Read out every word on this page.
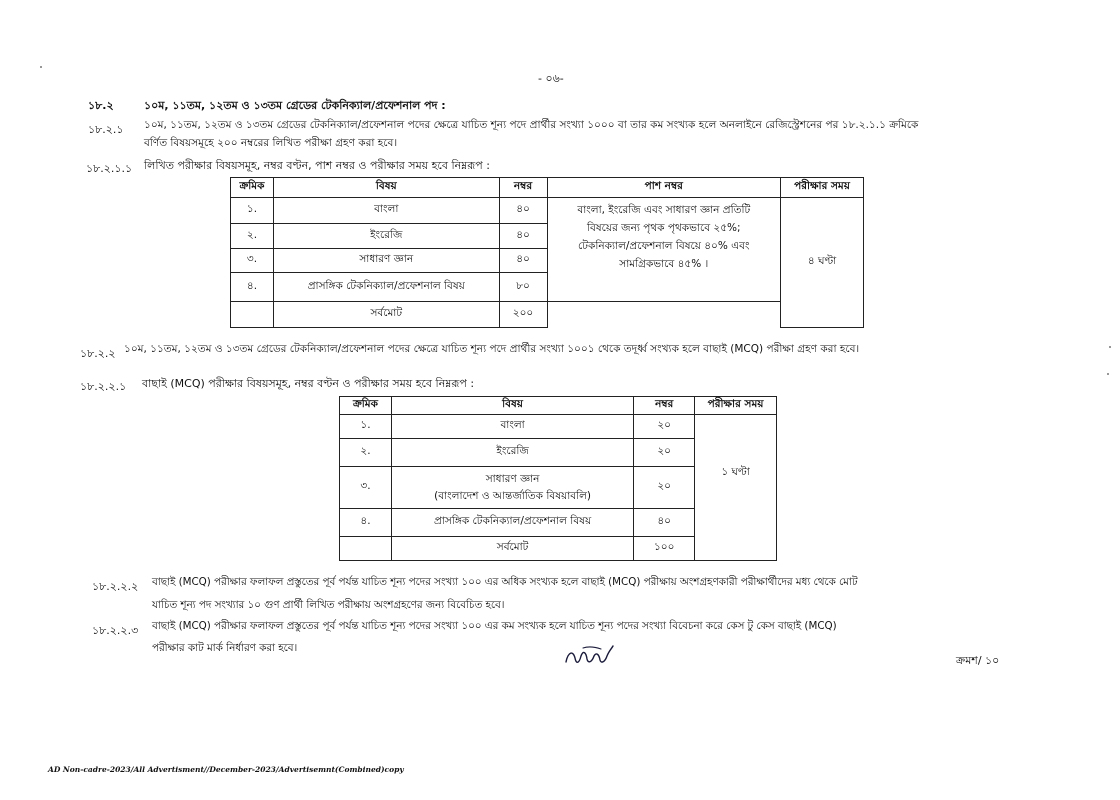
- ০৬-
১৮.২	১০ম, ১১তম, ১২তম ও ১৩তম গ্রেডের টেকনিক্যাল/প্রফেশনাল পদ :
১৮.২.১ ১০ম, ১১তম, ১২তম ও ১৩তম গ্রেডের টেকনিক্যাল/প্রফেশনাল পদের ক্ষেত্রে যাচিত শূন্য পদে প্রার্থীর সংখ্যা ১০০০ বা তার কম সংখ্যক হলে অনলাইনে রেজিস্ট্রেশনের পর ১৮.২.১.১ ক্রমিকে
বর্ণিত বিষয়সমূহে ২০০ নম্বরের লিখিত পরীক্ষা গ্রহণ করা হবে।
১৮.২.১.১ লিখিত পরীক্ষার বিষয়সমূহ, নম্বর বণ্টন, পাশ নম্বর ও পরীক্ষার সময় হবে নিম্নরূপ :
ক্রমিক	বিষয়	নম্বর	পাশ নম্বর	পরীক্ষার সময়
১.	বাংলা	৪০	বাংলা, ইংরেজি এবং সাধারণ জ্ঞান প্রতিটি
বিষয়ের জন্য পৃথক পৃথকভাবে ২৫%;
টেকনিক্যাল/প্রফেশনাল বিষয়ে ৪০% এবং
সামগ্রিকভাবে ৪৫% ।	৪ ঘণ্টা
২.	ইংরেজি	৪০		
৩.	সাধারণ জ্ঞান	৪০		
৪.	প্রাসঙ্গিক টেকনিক্যাল/প্রফেশনাল বিষয়	৮০		
	সর্বমোট	২০০		
১৮.২.২ ১০ম, ১১তম, ১২তম ও ১৩তম গ্রেডের টেকনিক্যাল/প্রফেশনাল পদের ক্ষেত্রে যাচিত শূন্য পদে প্রার্থীর সংখ্যা ১০০১ থেকে তদূর্ধ্ব সংখ্যক হলে বাছাই (MCQ) পরীক্ষা গ্রহণ করা হবে।
১৮.২.২.১ বাছাই (MCQ) পরীক্ষার বিষয়সমূহ, নম্বর বণ্টন ও পরীক্ষার সময় হবে নিম্নরূপ :
ক্রমিক	বিষয়	নম্বর	পরীক্ষার সময়
১.	বাংলা	২০	১ ঘণ্টা
২.	ইংরেজি	২০	
৩.	সাধারণ জ্ঞান
(বাংলাদেশ ও আন্তর্জাতিক বিষয়াবলি)	২০	
৪.	প্রাসঙ্গিক টেকনিক্যাল/প্রফেশনাল বিষয়	৪০	
	সর্বমোট	১০০	
১৮.২.২.২ বাছাই (MCQ) পরীক্ষার ফলাফল প্রস্তুতের পূর্ব পর্যন্ত যাচিত শূন্য পদের সংখ্যা ১০০ এর অধিক সংখ্যক হলে বাছাই (MCQ) পরীক্ষায় অংশগ্রহণকারী পরীক্ষার্থীদের মধ্য থেকে মোট
যাচিত শূন্য পদ সংখ্যার ১০ গুণ প্রার্থী লিখিত পরীক্ষায় অংশগ্রহণের জন্য বিবেচিত হবে।
১৮.২.২.৩ বাছাই (MCQ) পরীক্ষার ফলাফল প্রস্তুতের পূর্ব পর্যন্ত যাচিত শূন্য পদের সংখ্যা ১০০ এর কম সংখ্যক হলে যাচিত শূন্য পদের সংখ্যা বিবেচনা করে কেস টু কেস বাছাই (MCQ)
পরীক্ষার কাট মার্ক নির্ধারণ করা হবে।
ক্রমশ/ ১০
AD Non-cadre-2023/All Advertisment//December-2023/Advertisemnt(Combined)copy
